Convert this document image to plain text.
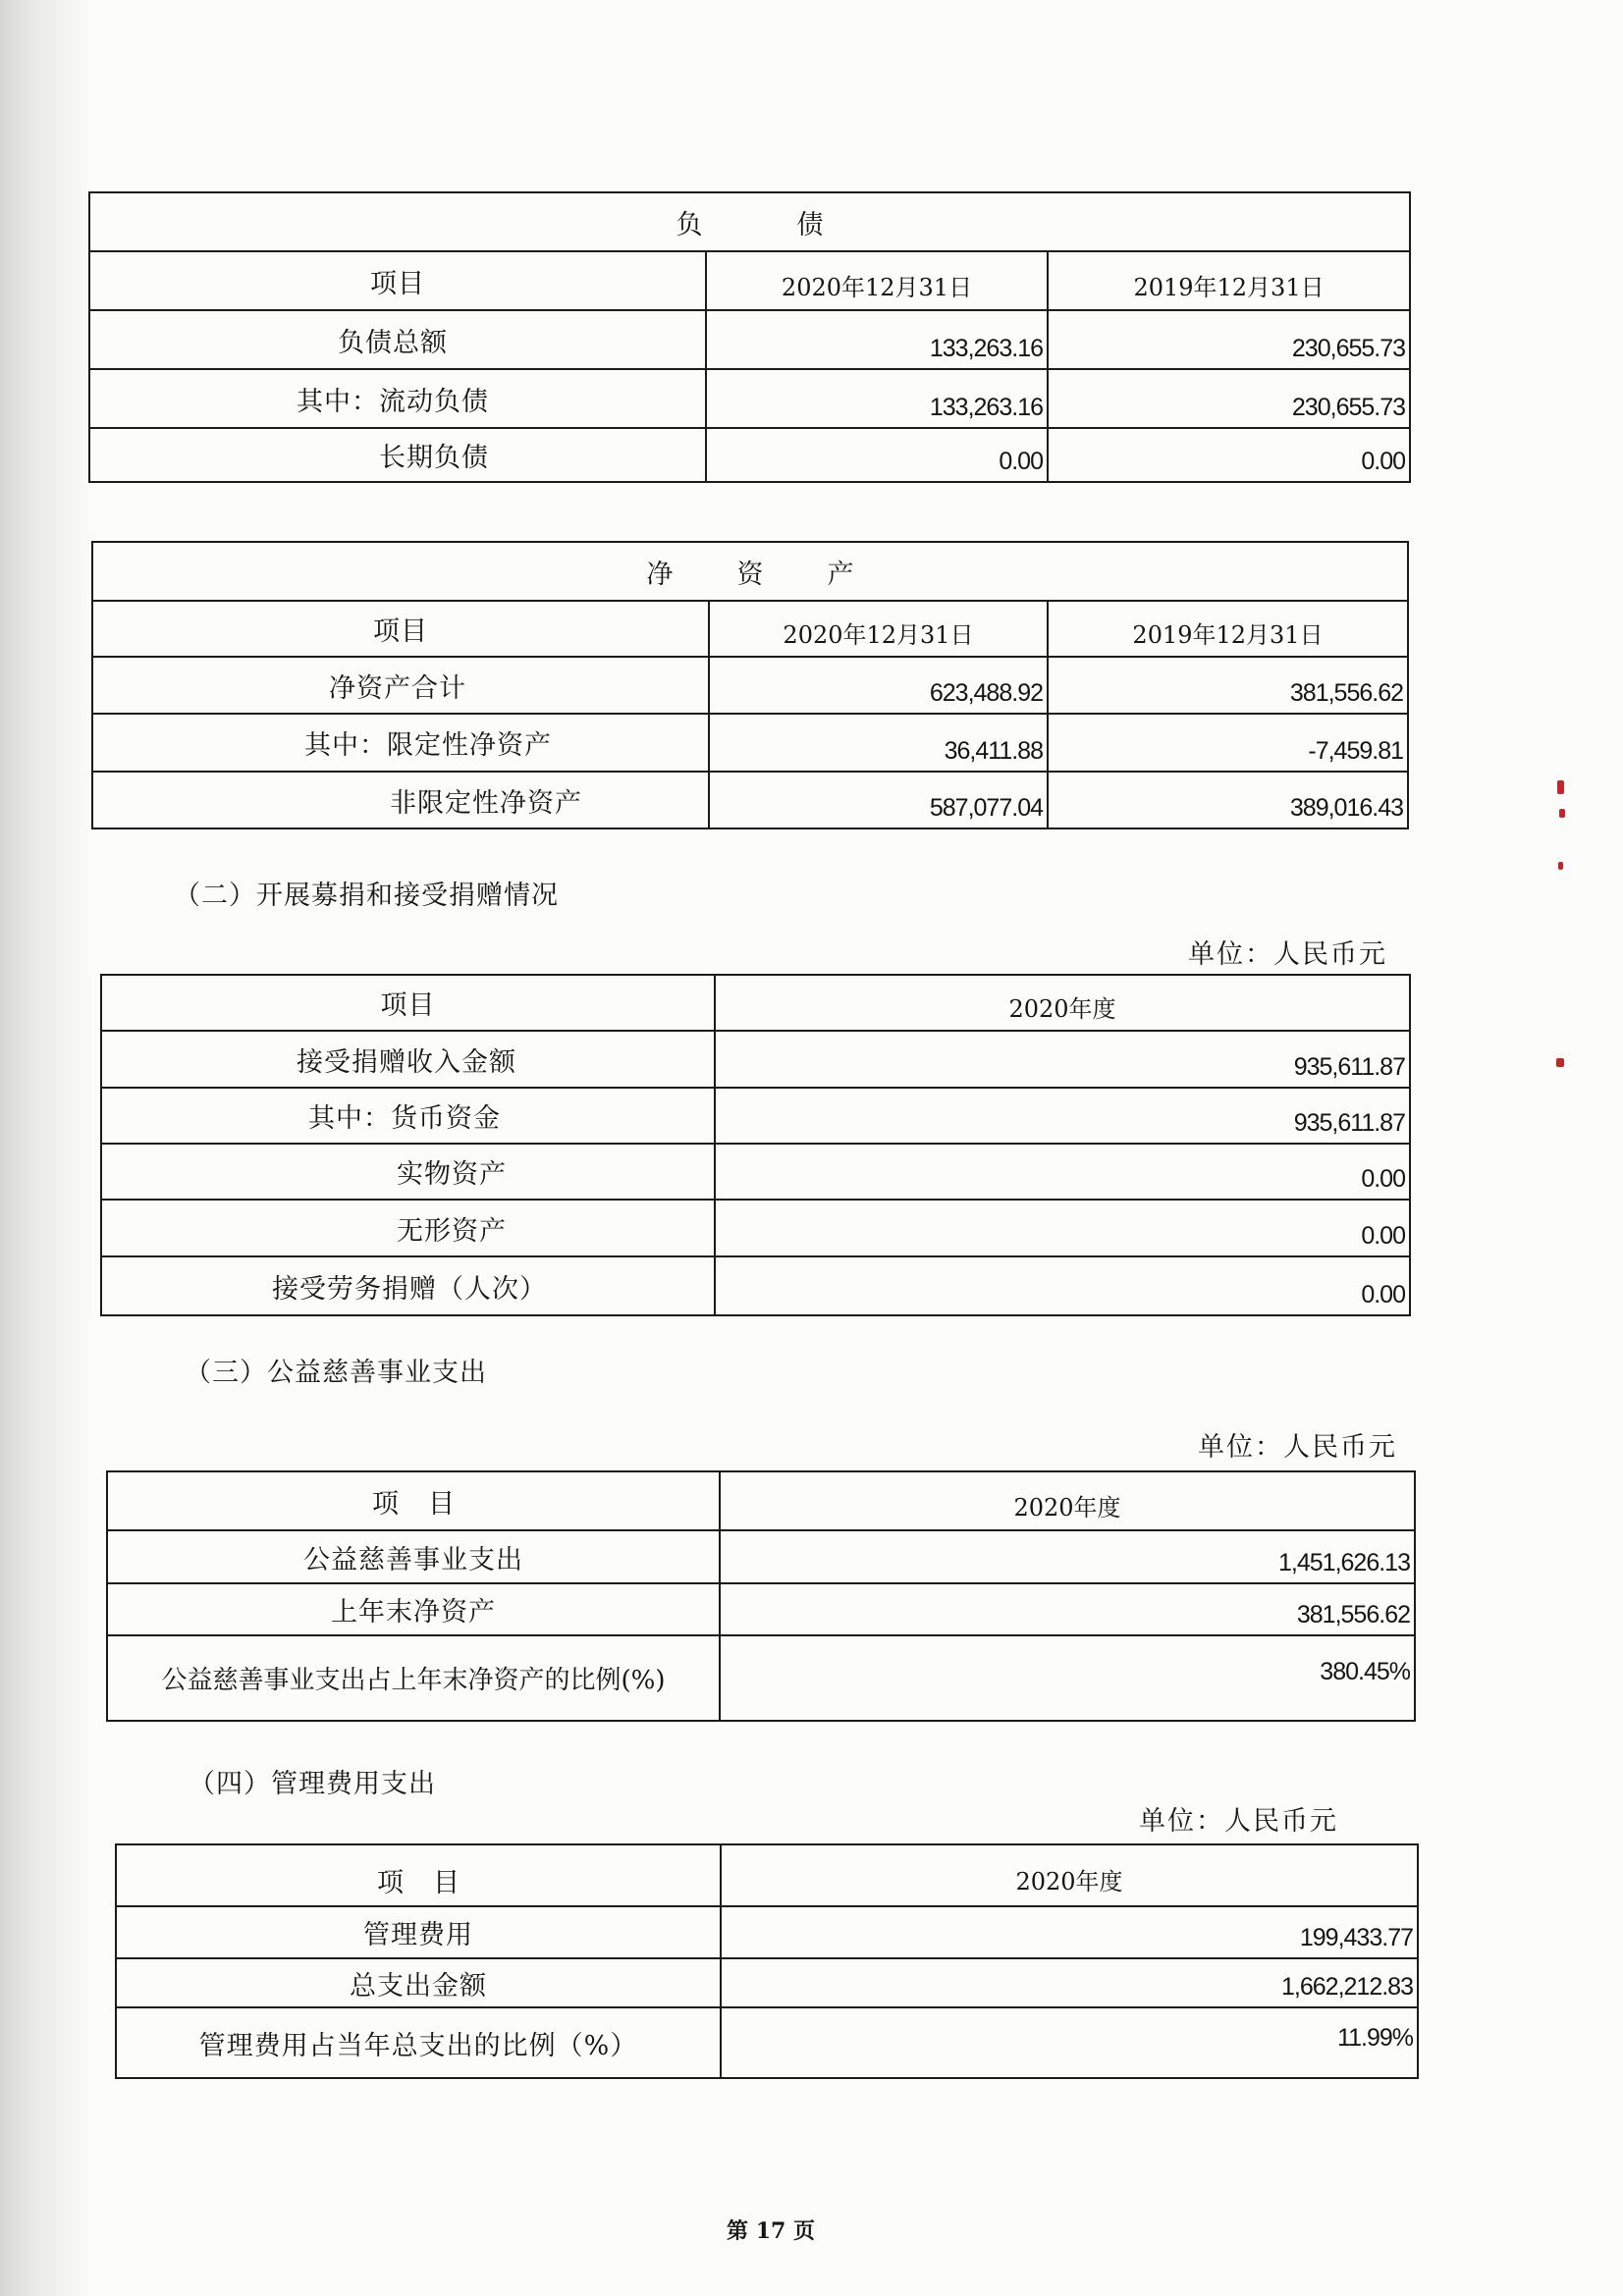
负债		
项目	2020年12月31日	2019年12月31日
负债总额	133,263.16	230,655.73
其中：流动负债	133,263.16	230,655.73
长期负债	0.00	0.00
净资产		
项目	2020年12月31日	2019年12月31日
净资产合计	623,488.92	381,556.62
其中：限定性净资产	36,411.88	-7,459.81
非限定性净资产	587,077.04	389,016.43
（二）开展募捐和接受捐赠情况
单位：人民币元
项目	2020年度
接受捐赠收入金额	935,611.87
其中：货币资金	935,611.87
实物资产	0.00
无形资产	0.00
接受劳务捐赠（人次）	0.00
（三）公益慈善事业支出
单位：人民币元
项目	2020年度
公益慈善事业支出	1,451,626.13
上年末净资产	381,556.62
公益慈善事业支出占上年末净资产的比例(%)	380.45%
（四）管理费用支出
单位：人民币元
项目	2020年度
管理费用	199,433.77
总支出金额	1,662,212.83
管理费用占当年总支出的比例（%）	11.99%
第 17 页
